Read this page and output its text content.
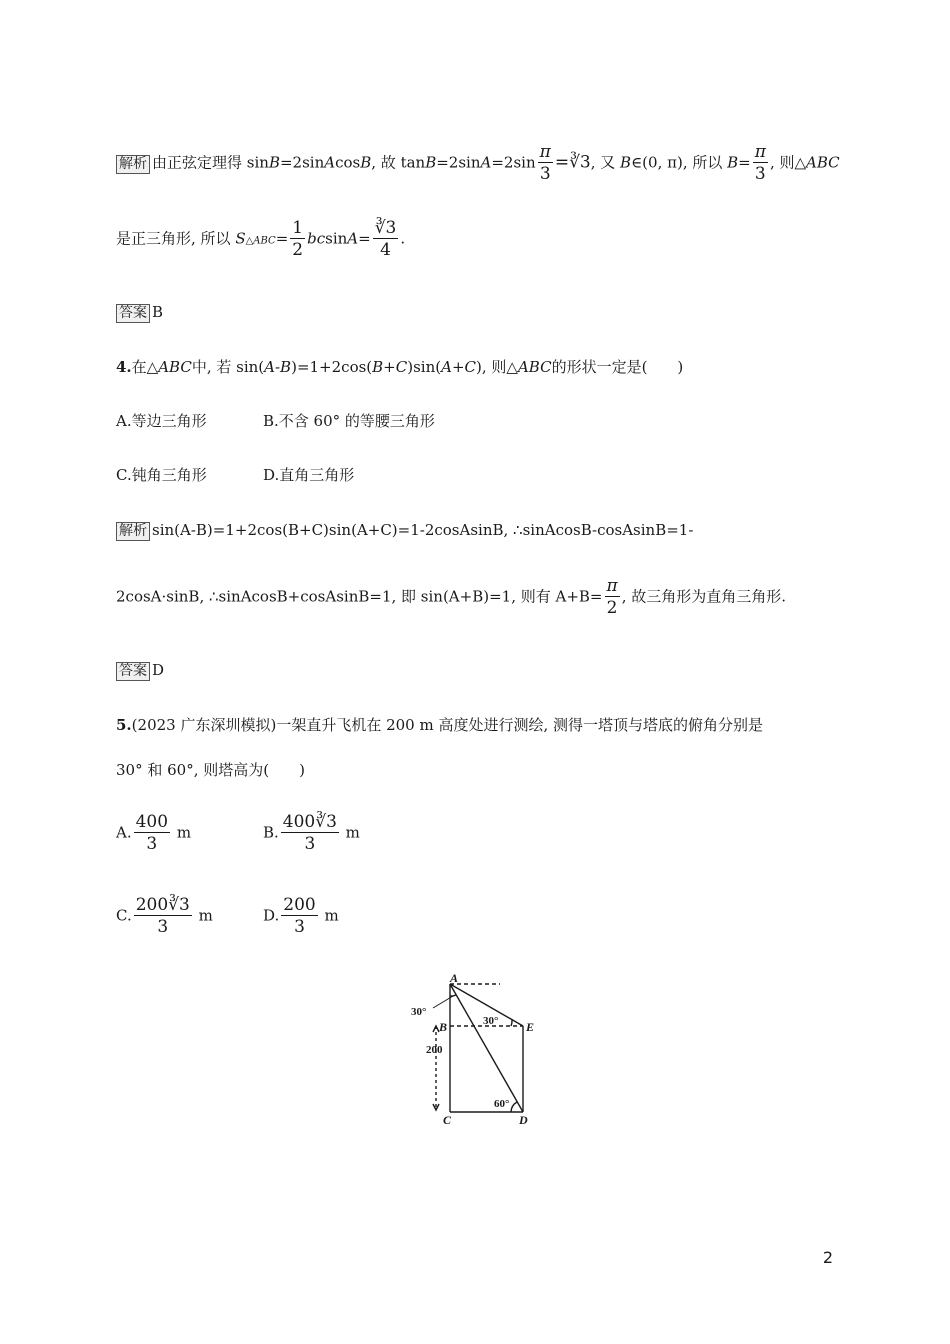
解析 由正弦定理得 sinB=2sinAcosB, 故 $\tan B=2\sin A=2\sin \frac{\pi}{3}$ =∛3, 又 B∈(0, π), 所以 $B= \frac{\pi}{3}$ , 则△ABC
是正三角形, 所以 S△ABC= $\frac{1}{2} bcsinA= \frac{∛3}{4}$ .
答案 B
4.在△ABC中, 若 sin(A-B)=1+2cos(B+C)sin(A+C), 则△ABC的形状一定是(　　)
A.等边三角形	B.不含 60° 的等腰三角形
C.钝角三角形	D.直角三角形
解析 sin(A-B)=1+2cos(B+C)sin(A+C)=1-2cosAsinB, ∴sinAcosB-cosAsinB=1-
2cosA·sinB, ∴sinAcosB+cosAsinB=1, 即 sin(A+B)=1, 则有 $A+B= \frac{\pi}{2}$ , 故三角形为直角三角形.
答案 D
5.(2023 广东深圳模拟)一架直升飞机在 200 m 高度处进行测绘, 测得一塔顶与塔底的俯角分别是
30° 和 60°, 则塔高为(　　)
A. $\frac{400}{3}$ m	B. $\frac{400∛3}{3}$ m
C. $\frac{200∛3}{3}$ m	D. $\frac{200}{3}$ m
A
B
C	D
E
30°
30°
60°
200
2
